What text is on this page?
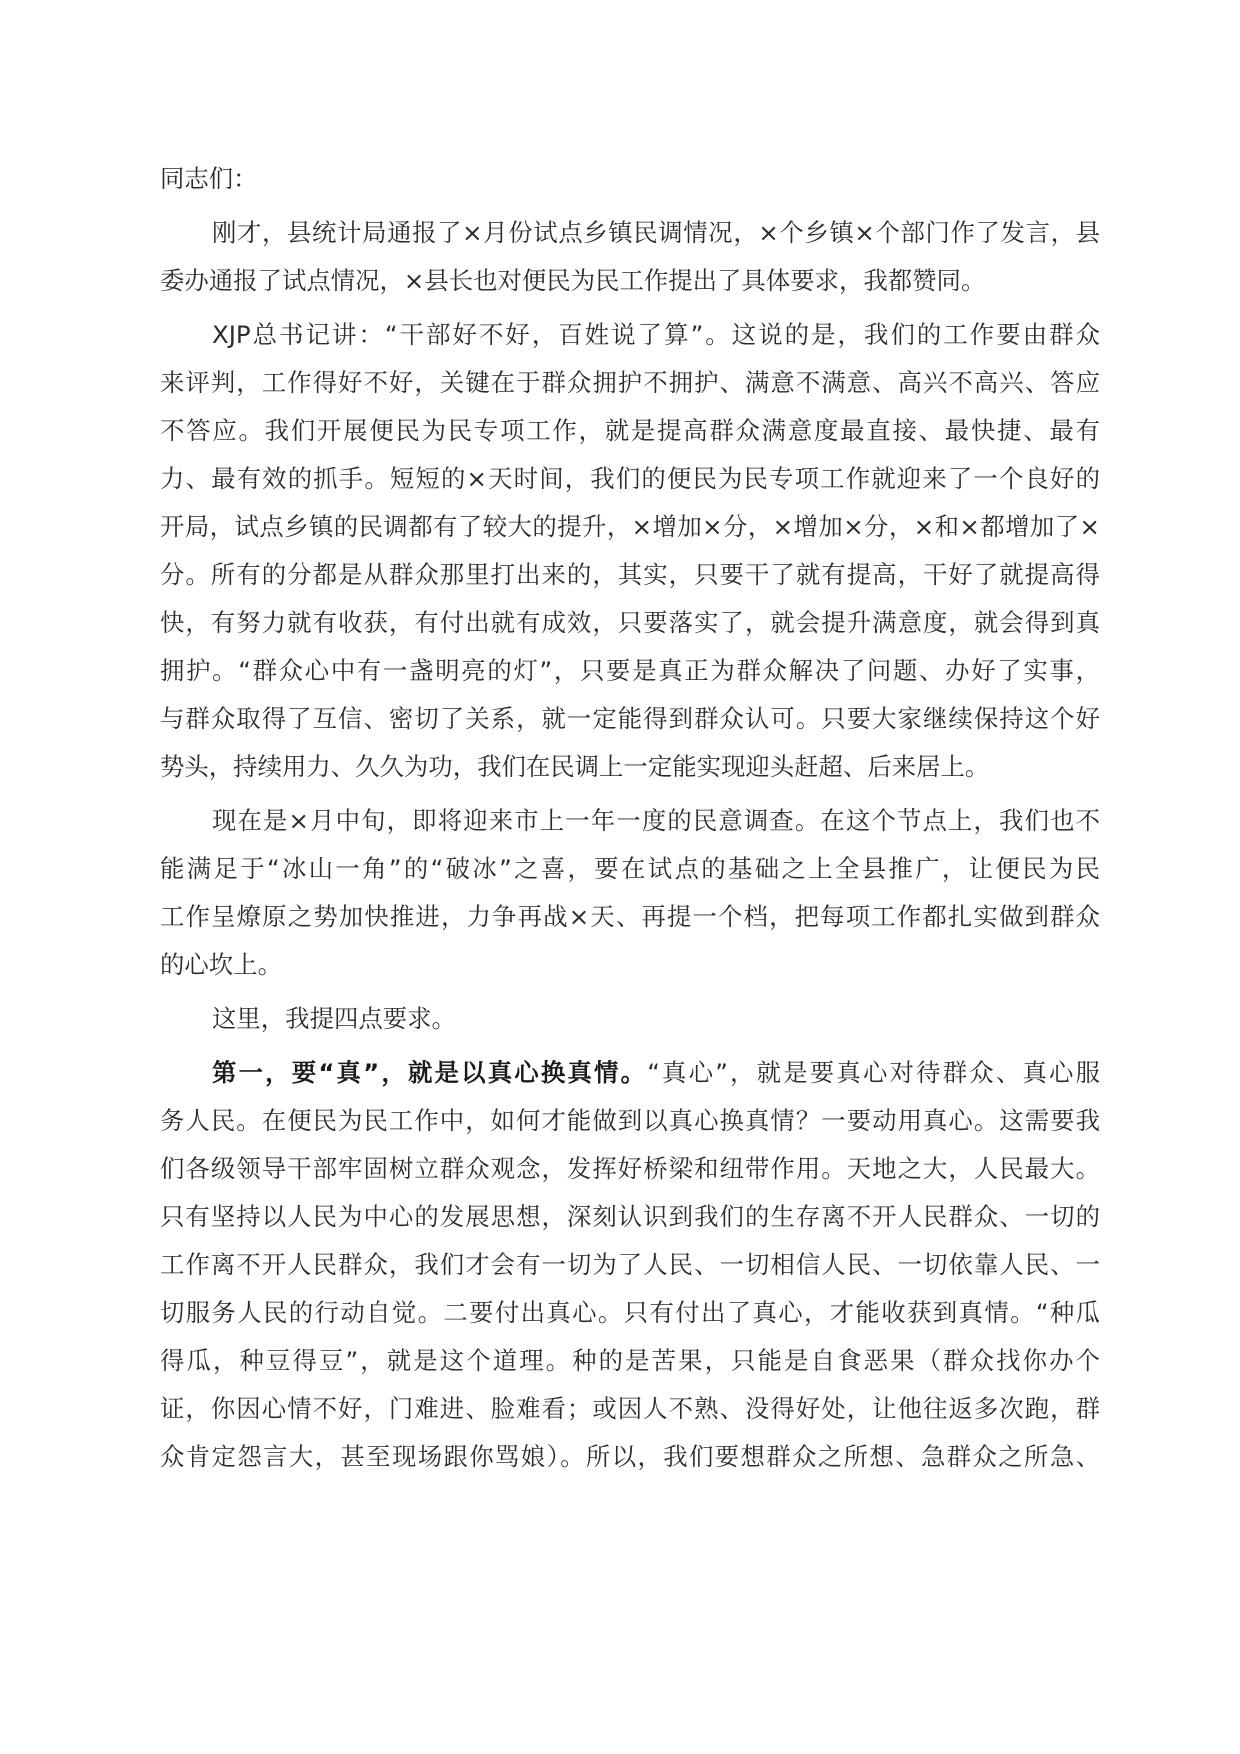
同志们：
刚才，县统计局通报了×月份试点乡镇民调情况，×个乡镇×个部门作了发言，县
委办通报了试点情况，×县长也对便民为民工作提出了具体要求，我都赞同。
XJP总书记讲：“干部好不好，百姓说了算”。这说的是，我们的工作要由群众
来评判，工作得好不好，关键在于群众拥护不拥护、满意不满意、高兴不高兴、答应
不答应。我们开展便民为民专项工作，就是提高群众满意度最直接、最快捷、最有
力、最有效的抓手。短短的×天时间，我们的便民为民专项工作就迎来了一个良好的
开局，试点乡镇的民调都有了较大的提升，×增加×分，×增加×分，×和×都增加了×
分。所有的分都是从群众那里打出来的，其实，只要干了就有提高，干好了就提高得
快，有努力就有收获，有付出就有成效，只要落实了，就会提升满意度，就会得到真
拥护。“群众心中有一盏明亮的灯”，只要是真正为群众解决了问题、办好了实事，
与群众取得了互信、密切了关系，就一定能得到群众认可。只要大家继续保持这个好
势头，持续用力、久久为功，我们在民调上一定能实现迎头赶超、后来居上。
现在是×月中旬，即将迎来市上一年一度的民意调查。在这个节点上，我们也不
能满足于“冰山一角”的“破冰”之喜，要在试点的基础之上全县推广，让便民为民
工作呈燎原之势加快推进，力争再战×天、再提一个档，把每项工作都扎实做到群众
的心坎上。
这里，我提四点要求。
第一，要“真”，就是以真心换真情。“真心”，就是要真心对待群众、真心服
务人民。在便民为民工作中，如何才能做到以真心换真情？一要动用真心。这需要我
们各级领导干部牢固树立群众观念，发挥好桥梁和纽带作用。天地之大，人民最大。
只有坚持以人民为中心的发展思想，深刻认识到我们的生存离不开人民群众、一切的
工作离不开人民群众，我们才会有一切为了人民、一切相信人民、一切依靠人民、一
切服务人民的行动自觉。二要付出真心。只有付出了真心，才能收获到真情。“种瓜
得瓜，种豆得豆”，就是这个道理。种的是苦果，只能是自食恶果（群众找你办个
证，你因心情不好，门难进、脸难看；或因人不熟、没得好处，让他往返多次跑，群
众肯定怨言大，甚至现场跟你骂娘）。所以，我们要想群众之所想、急群众之所急、
